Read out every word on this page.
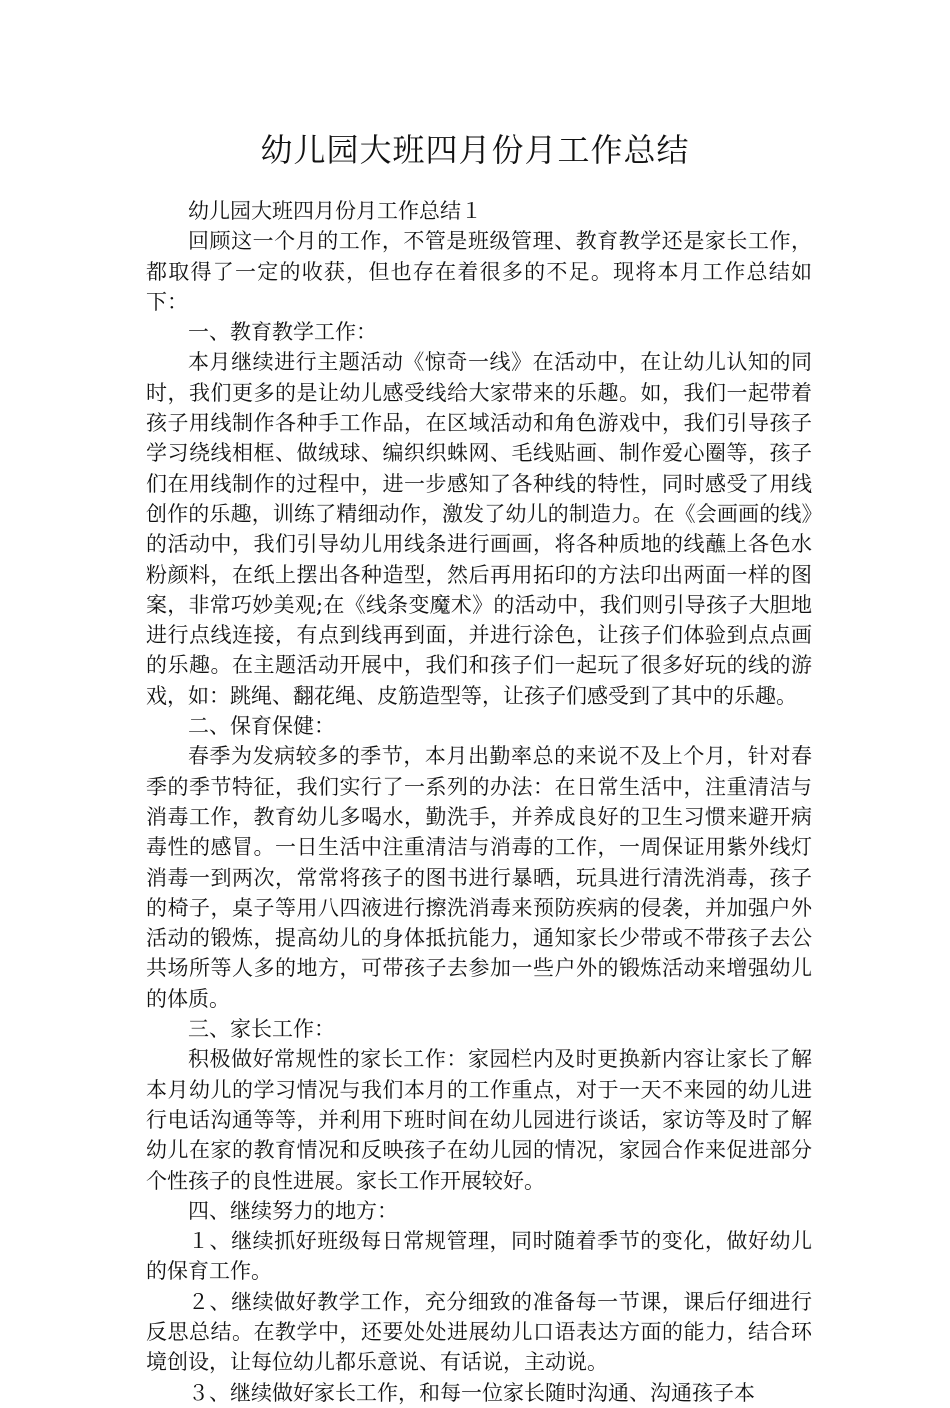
幼儿园大班四月份月工作总结

幼儿园大班四月份月工作总结１

回顾这一个月的工作，不管是班级管理、教育教学还是家长工作，都取得了一定的收获，但也存在着很多的不足。现将本月工作总结如下：

一、教育教学工作：

本月继续进行主题活动《惊奇一线》在活动中，在让幼儿认知的同时，我们更多的是让幼儿感受线给大家带来的乐趣。如，我们一起带着孩子用线制作各种手工作品，在区域活动和角色游戏中，我们引导孩子学习绕线相框、做绒球、编织织蛛网、毛线贴画、制作爱心圈等，孩子们在用线制作的过程中，进一步感知了各种线的特性，同时感受了用线创作的乐趣，训练了精细动作，激发了幼儿的制造力。在《会画画的线》的活动中，我们引导幼儿用线条进行画画，将各种质地的线蘸上各色水粉颜料，在纸上摆出各种造型，然后再用拓印的方法印出两面一样的图案，非常巧妙美观;在《线条变魔术》的活动中，我们则引导孩子大胆地进行点线连接，有点到线再到面，并进行涂色，让孩子们体验到点点画的乐趣。在主题活动开展中，我们和孩子们一起玩了很多好玩的线的游戏，如：跳绳、翻花绳、皮筋造型等，让孩子们感受到了其中的乐趣。

二、保育保健：

春季为发病较多的季节，本月出勤率总的来说不及上个月，针对春季的季节特征，我们实行了一系列的办法：在日常生活中，注重清洁与消毒工作，教育幼儿多喝水，勤洗手，并养成良好的卫生习惯来避开病毒性的感冒。一日生活中注重清洁与消毒的工作，一周保证用紫外线灯消毒一到两次，常常将孩子的图书进行暴晒，玩具进行清洗消毒，孩子的椅子，桌子等用八四液进行擦洗消毒来预防疾病的侵袭，并加强户外活动的锻炼，提高幼儿的身体抵抗能力，通知家长少带或不带孩子去公共场所等人多的地方，可带孩子去参加一些户外的锻炼活动来增强幼儿的体质。

三、家长工作：

积极做好常规性的家长工作：家园栏内及时更换新内容让家长了解本月幼儿的学习情况与我们本月的工作重点，对于一天不来园的幼儿进行电话沟通等等，并利用下班时间在幼儿园进行谈话，家访等及时了解幼儿在家的教育情况和反映孩子在幼儿园的情况，家园合作来促进部分个性孩子的良性进展。家长工作开展较好。

四、继续努力的地方：

１、继续抓好班级每日常规管理，同时随着季节的变化，做好幼儿的保育工作。

２、继续做好教学工作，充分细致的准备每一节课，课后仔细进行反思总结。在教学中，还要处处进展幼儿口语表达方面的能力，结合环境创设，让每位幼儿都乐意说、有话说，主动说。

３、继续做好家长工作，和每一位家长随时沟通、沟通孩子本
